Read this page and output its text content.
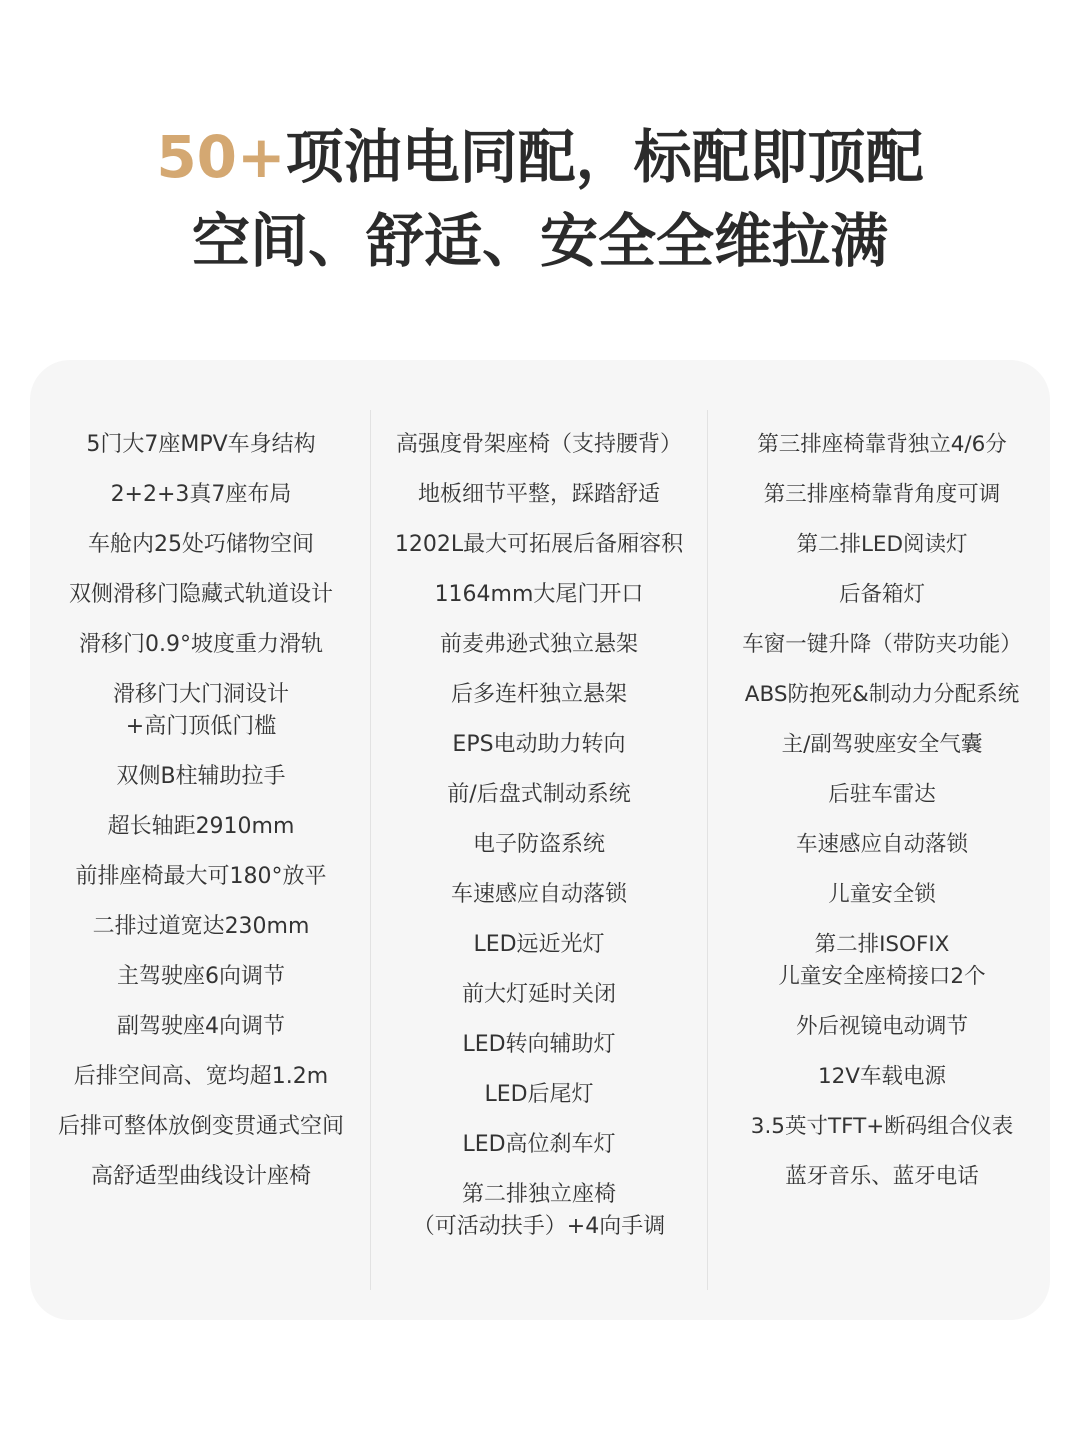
50+项油电同配，标配即顶配
空间、舒适、安全全维拉满
5门大7座MPV车身结构
2+2+3真7座布局
车舱内25处巧储物空间
双侧滑移门隐藏式轨道设计
滑移门0.9°坡度重力滑轨
滑移门大门洞设计
+高门顶低门槛
双侧B柱辅助拉手
超长轴距2910mm
前排座椅最大可180°放平
二排过道宽达230mm
主驾驶座6向调节
副驾驶座4向调节
后排空间高、宽均超1.2m
后排可整体放倒变贯通式空间
高舒适型曲线设计座椅
高强度骨架座椅（支持腰背）
地板细节平整，踩踏舒适
1202L最大可拓展后备厢容积
1164mm大尾门开口
前麦弗逊式独立悬架
后多连杆独立悬架
EPS电动助力转向
前/后盘式制动系统
电子防盗系统
车速感应自动落锁
LED远近光灯
前大灯延时关闭
LED转向辅助灯
LED后尾灯
LED高位刹车灯
第二排独立座椅
（可活动扶手）+4向手调
第三排座椅靠背独立4/6分
第三排座椅靠背角度可调
第二排LED阅读灯
后备箱灯
车窗一键升降（带防夹功能）
ABS防抱死&制动力分配系统
主/副驾驶座安全气囊
后驻车雷达
车速感应自动落锁
儿童安全锁
第二排ISOFIX
儿童安全座椅接口2个
外后视镜电动调节
12V车载电源
3.5英寸TFT+断码组合仪表
蓝牙音乐、蓝牙电话
